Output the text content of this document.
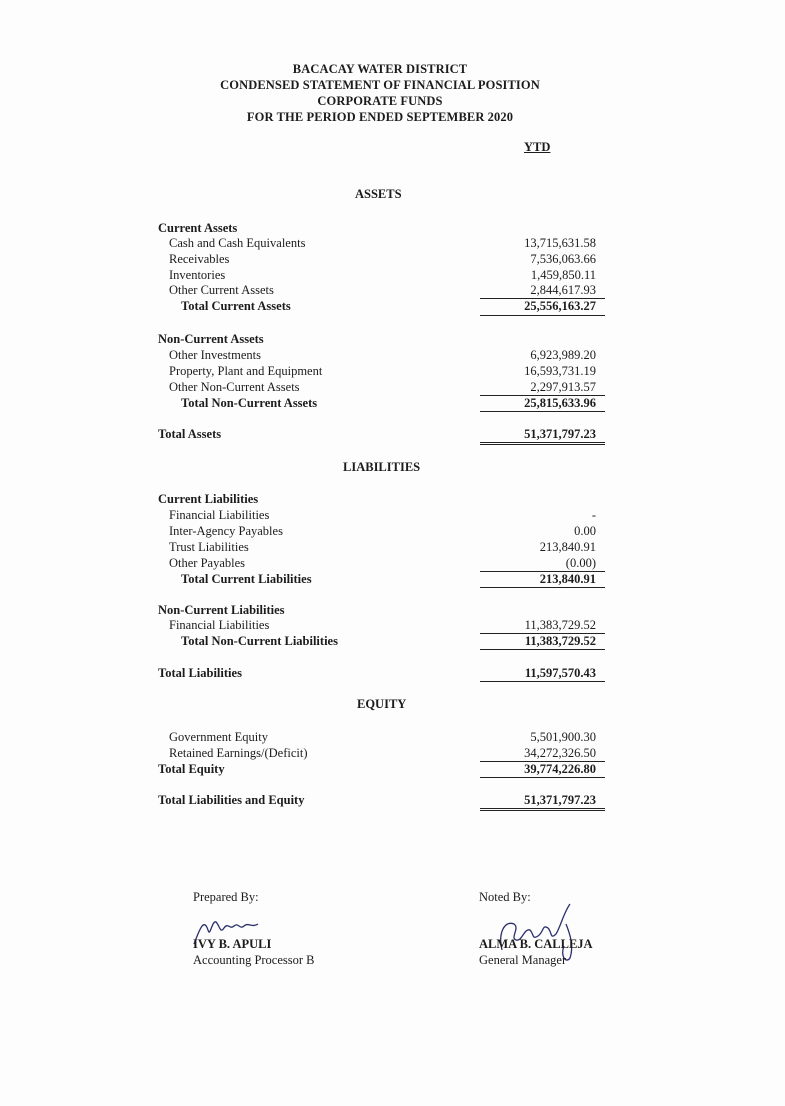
BACACAY WATER DISTRICT
CONDENSED STATEMENT OF FINANCIAL POSITION
CORPORATE FUNDS
FOR THE PERIOD ENDED SEPTEMBER 2020
YTD
ASSETS
Current Assets
Cash and Cash Equivalents	13,715,631.58
Receivables	7,536,063.66
Inventories	1,459,850.11
Other Current Assets	2,844,617.93
Total Current Assets	25,556,163.27
Non-Current Assets
Other Investments	6,923,989.20
Property, Plant and Equipment	16,593,731.19
Other Non-Current Assets	2,297,913.57
Total Non-Current Assets	25,815,633.96
Total Assets	51,371,797.23
LIABILITIES
Current Liabilities
Financial Liabilities	-
Inter-Agency Payables	0.00
Trust Liabilities	213,840.91
Other Payables	(0.00)
Total Current Liabilities	213,840.91
Non-Current Liabilities
Financial Liabilities	11,383,729.52
Total Non-Current Liabilities	11,383,729.52
Total Liabilities	11,597,570.43
EQUITY
Government Equity	5,501,900.30
Retained Earnings/(Deficit)	34,272,326.50
Total Equity	39,774,226.80
Total Liabilities and Equity	51,371,797.23
Prepared By:
IVY B. APULI
Accounting Processor B
Noted By:
ALMA B. CALLEJA
General Manager
